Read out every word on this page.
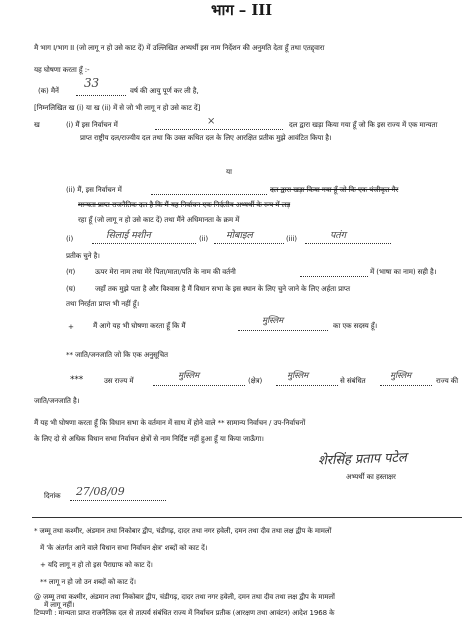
भाग – III
मै भाग I/भाग II (जो लागू न हो उसे काट दें) में उल्लिखित अभ्यर्थी इस नाम निर्देशन की अनुमति देता हूँ तथा एतद्द्वारा
यह घोषणा करता हूँ :-
(क) मैनें
33
वर्ष की आयु पूर्ण कर ली है,
[निम्नलिखित ख (i) या ख (ii) में से जो भी लागू न हो उसे काट दें]
ख	(i) मैं इस निर्वाचन में	×	दल द्वारा खड़ा किया गया हूँ जो कि इस राज्य में एक मान्यता
प्राप्त राष्ट्रीय दल/राज्यीय दल तथा कि उक्त कथित दल के लिए आरक्षित प्रतीक मुझे आवंटित किया है।
या
(ii) मैं, इस निर्वाचन में	दल द्वारा खड़ा किया गया हूँ जो कि एक पंजीकृत गैर
मान्यता प्राप्त राजनैतिक दल है कि मैं यह निर्वाचन एक निर्दलीय अभ्यर्थी के रूप में लड़
रहा हूँ (जो लागू न हो उसे काट दें) तथा मैंने अधिमानता के क्रम में
(i)	सिलाई मशीन	(ii) मोबाइल	(iii)	पतंग
प्रतीक चुने है।
(ग)	ऊपर मेरा नाम तथा मेरे पिता/माता/पति के नाम की वर्तनी	में (भाषा का नाम) सही है।
(घ)	जहाँ तक मुझे पता है और विश्वास है मैं विधान सभा के इस स्थान के लिए चुने जाने के लिए अर्हता प्राप्त
तथा निरर्हता प्राप्त भी नहीं हूँ।
+	मैं आगे यह भी घोषणा करता हूँ कि मैं	मुस्लिम	का एक सदस्य हूँ।
** जाति/जनजाति जो कि एक अनुसूचित
***	उस राज्य में	मुस्लिम	(क्षेत्र)	मुस्लिम	से संबंधित	मुस्लिम	राज्य की
जाति/जनजाति है।
मैं यह भी घोषणा करता हूँ कि विधान सभा के वर्तमान में साथ में होने वाले ** सामान्य निर्वाचन / उप-निर्वाचनों
के लिए दो से अधिक विधान सभा निर्वाचन क्षेत्रों से नाम निर्दिष्ट नहीं हुआ हूँ या किया जाऊँगा।
शेरसिंह प्रताप पटेल
अभ्यर्थी का हस्ताक्षर
दिनांक 27/08/09
* जम्मू तथा कश्मीर, अंडमान तथा निकोबार द्वीप, चंडीगढ़, दादर तथा नगर हवेली, दमन तथा दीव तथा लक्ष द्वीप के मामलों
में 'के अंतर्गत आने वाले विधान सभा निर्वाचन क्षेत्र' शब्दों को काट दें।
+ यदि लागू न हो तो इस पैराग्राफ को काट दें।
** लागू न हो जो उन शब्दों को काट दें।
@ जम्मू तथा कश्मीर, अंडमान तथा निकोबार द्वीप, चंडीगढ़, दादर तथा नगर हवेली, दमन तथा दीव तथा लक्ष द्वीप के मामलों
में लागू नहीं।
टिप्पणी : मान्यता प्राप्त राजनैतिक दल से तात्पर्य संबंधित राज्य में निर्वाचन प्रतीक (आरक्षण तथा आवंटन) आदेश 1968 के
